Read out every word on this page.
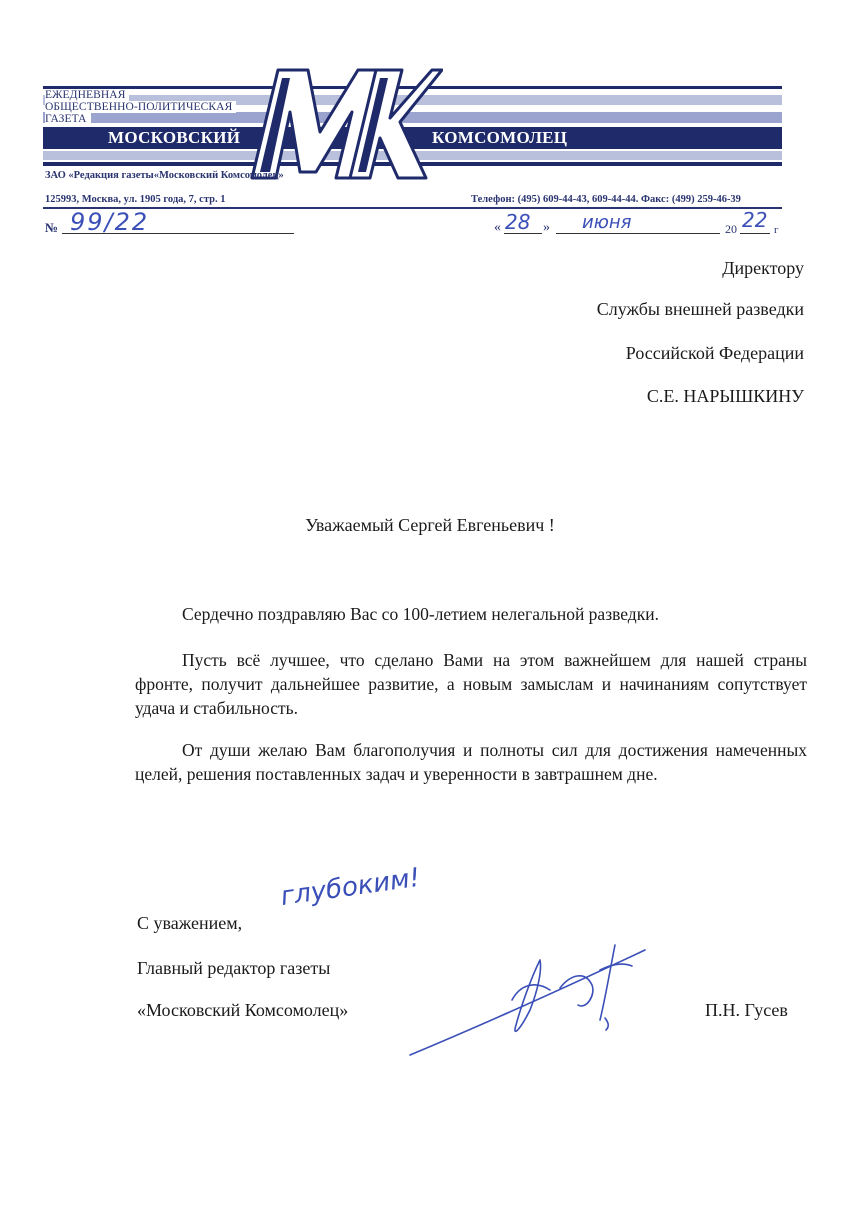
ЕЖЕДНЕВНАЯ
ОБЩЕСТВЕННО-ПОЛИТИЧЕСКАЯ
ГАЗЕТА
МОСКОВСКИЙ	КОМСОМОЛЕЦ
ЗАО «Редакция газеты«Московский Комсомолец»
125993, Москва, ул. 1905 года, 7, стр. 1	Телефон: (495) 609-44-43, 609-44-44. Факс: (499) 259-46-39
№ 99/22	« 28 » июня	20 22 г
Директору
Службы внешней разведки
Российской Федерации
С.Е. НАРЫШКИНУ
Уважаемый Сергей Евгеньевич !
Сердечно поздравляю Вас со 100-летием нелегальной разведки.
Пусть всё лучшее, что сделано Вами на этом важнейшем для нашей страны фронте, получит дальнейшее развитие, а новым замыслам и начинаниям сопутствует удача и стабильность.
От души желаю Вам благополучия и полноты сил для достижения намеченных целей, решения поставленных задач и уверенности в завтрашнем дне.
С уважением,
глубоким!
Главный редактор газеты
«Московский Комсомолец»	П.Н. Гусев
